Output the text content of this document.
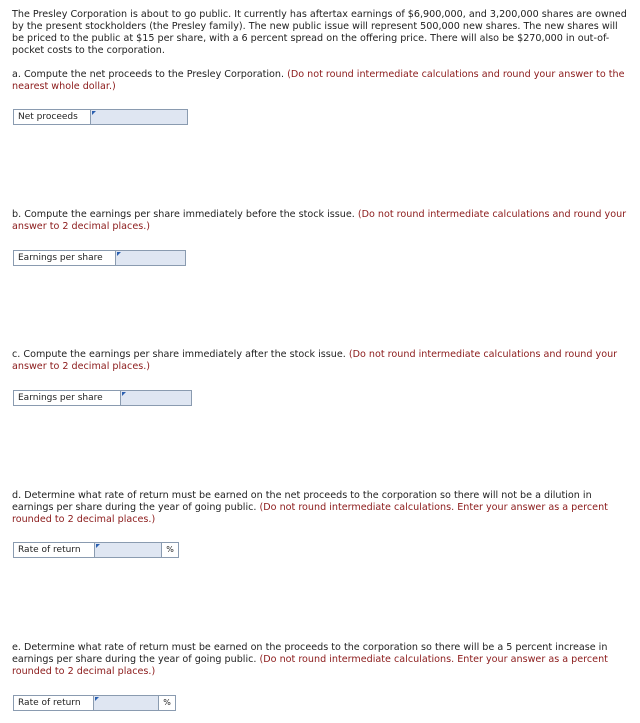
The Presley Corporation is about to go public. It currently has aftertax earnings of $6,900,000, and 3,200,000 shares are owned by the present stockholders (the Presley family). The new public issue will represent 500,000 new shares. The new shares will be priced to the public at $15 per share, with a 6 percent spread on the offering price. There will also be $270,000 in out-of-pocket costs to the corporation.
a. Compute the net proceeds to the Presley Corporation. (Do not round intermediate calculations and round your answer to the nearest whole dollar.)
Net proceeds
b. Compute the earnings per share immediately before the stock issue. (Do not round intermediate calculations and round your answer to 2 decimal places.)
Earnings per share
c. Compute the earnings per share immediately after the stock issue. (Do not round intermediate calculations and round your answer to 2 decimal places.)
Earnings per share
d. Determine what rate of return must be earned on the net proceeds to the corporation so there will not be a dilution in earnings per share during the year of going public. (Do not round intermediate calculations. Enter your answer as a percent rounded to 2 decimal places.)
Rate of return	%
e. Determine what rate of return must be earned on the proceeds to the corporation so there will be a 5 percent increase in earnings per share during the year of going public. (Do not round intermediate calculations. Enter your answer as a percent rounded to 2 decimal places.)
Rate of return	%
